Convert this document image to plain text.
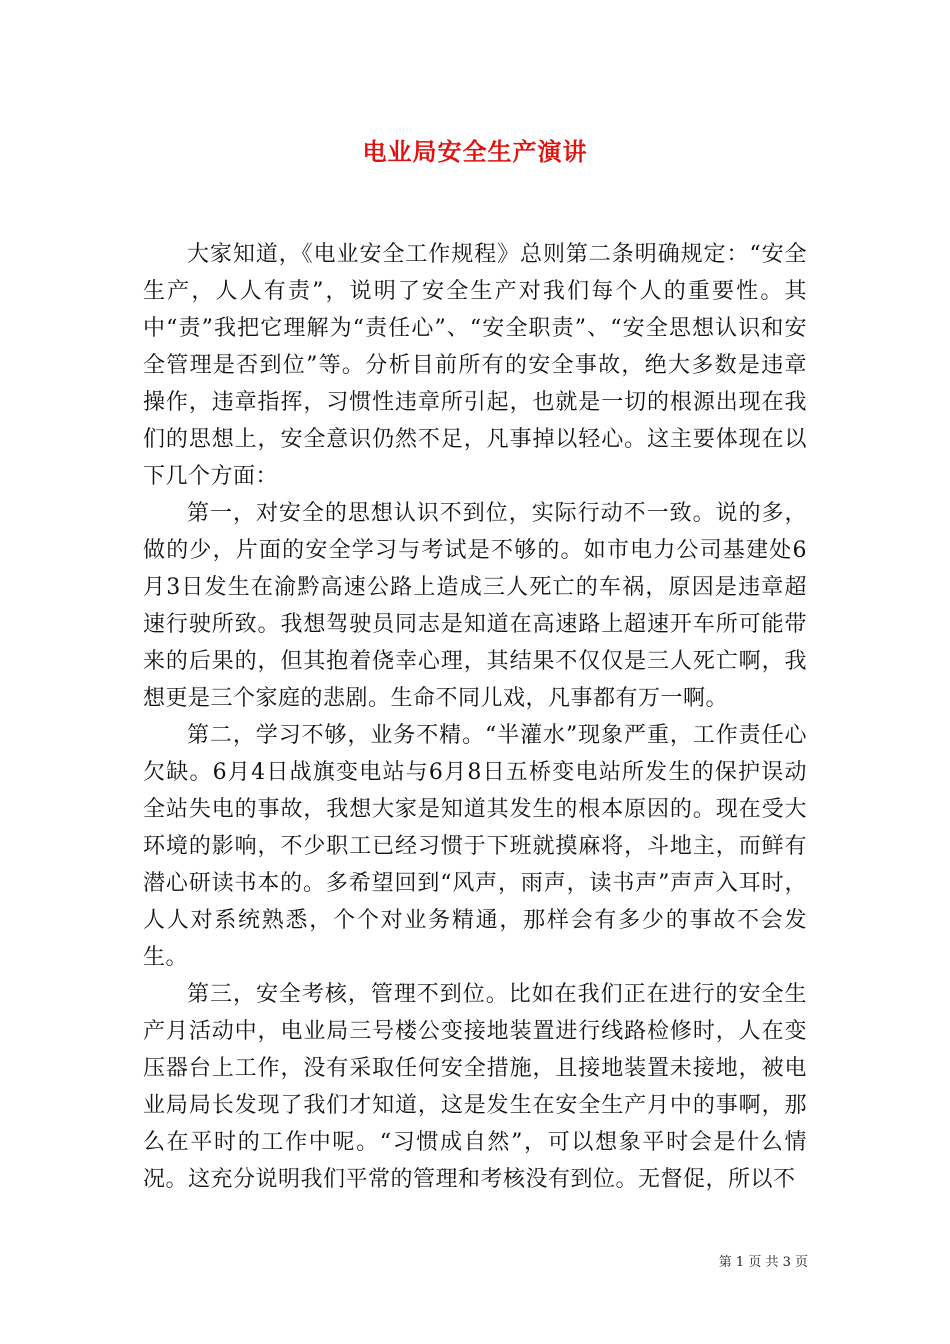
电业局安全生产演讲

大家知道，《电业安全工作规程》总则第二条明确规定：“安全生产，人人有责”，说明了安全生产对我们每个人的重要性。其中“责”我把它理解为“责任心”、“安全职责”、“安全思想认识和安全管理是否到位”等。分析目前所有的安全事故，绝大多数是违章操作，违章指挥，习惯性违章所引起，也就是一切的根源出现在我们的思想上，安全意识仍然不足，凡事掉以轻心。这主要体现在以下几个方面：

第一，对安全的思想认识不到位，实际行动不一致。说的多，做的少，片面的安全学习与考试是不够的。如市电力公司基建处6月3日发生在渝黔高速公路上造成三人死亡的车祸，原因是违章超速行驶所致。我想驾驶员同志是知道在高速路上超速开车所可能带来的后果的，但其抱着侥幸心理，其结果不仅仅是三人死亡啊，我想更是三个家庭的悲剧。生命不同儿戏，凡事都有万一啊。

第二，学习不够，业务不精。“半灌水”现象严重，工作责任心欠缺。6月4日战旗变电站与6月8日五桥变电站所发生的保护误动全站失电的事故，我想大家是知道其发生的根本原因的。现在受大环境的影响，不少职工已经习惯于下班就摸麻将，斗地主，而鲜有潜心研读书本的。多希望回到“风声，雨声，读书声”声声入耳时，人人对系统熟悉，个个对业务精通，那样会有多少的事故不会发生。

第三，安全考核，管理不到位。比如在我们正在进行的安全生产月活动中，电业局三号楼公变接地装置进行线路检修时，人在变压器台上工作，没有采取任何安全措施，且接地装置未接地，被电业局局长发现了我们才知道，这是发生在安全生产月中的事啊，那么在平时的工作中呢。“习惯成自然”，可以想象平时会是什么情况。这充分说明我们平常的管理和考核没有到位。无督促，所以不

第 1 页 共 3 页
